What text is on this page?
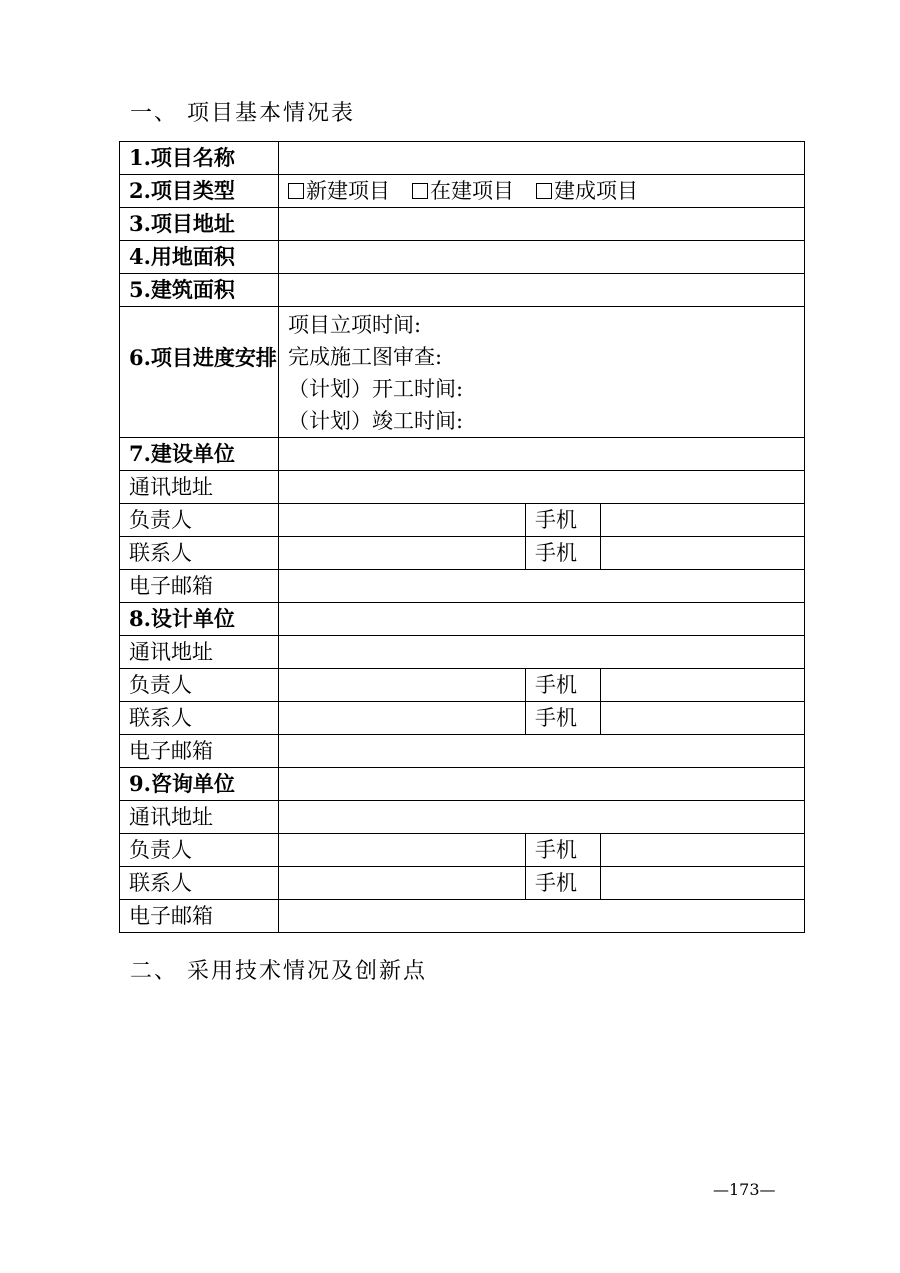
一、 项目基本情况表
1.项目名称			
2.项目类型	新建项目 在建项目 建成项目		
3.项目地址			
4.用地面积			
5.建筑面积			
6.项目进度安排	项目立项时间:
完成施工图审查:
（计划）开工时间:
（计划）竣工时间:		

7.建设单位			
通讯地址			
负责人		手机	
联系人		手机	
电子邮箱			
8.设计单位			
通讯地址			
负责人		手机	
联系人		手机	
电子邮箱			
9.咨询单位			
通讯地址			
负责人		手机	
联系人		手机	
电子邮箱			
二、 采用技术情况及创新点
—173—
